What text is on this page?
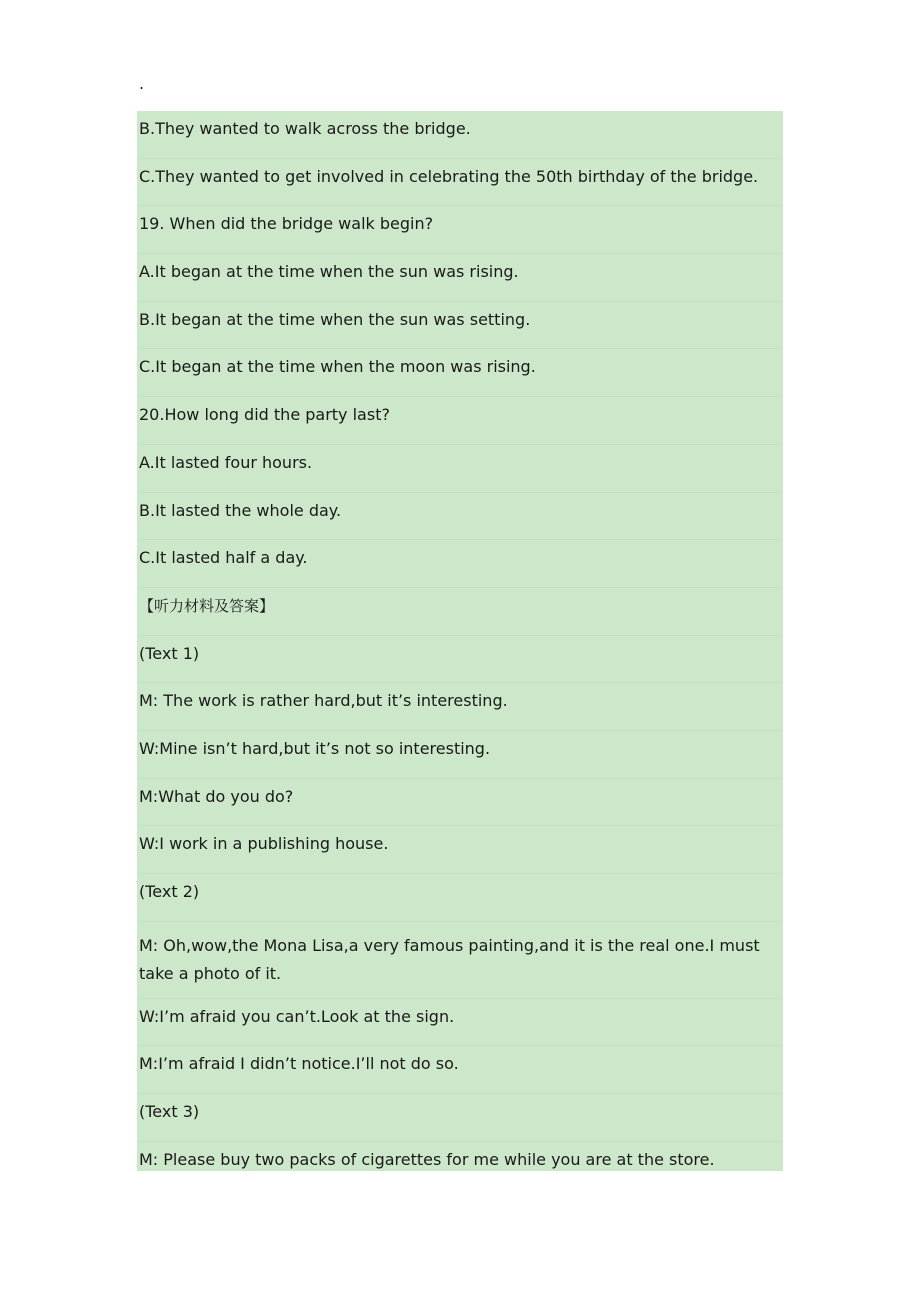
.
B.They wanted to walk across the bridge.
C.They wanted to get involved in celebrating the 50th birthday of the bridge.
19. When did the bridge walk begin?
A.It began at the time when the sun was rising.
B.It began at the time when the sun was setting.
C.It began at the time when the moon was rising.
20.How long did the party last?
A.It lasted four hours.
B.It lasted the whole day.
C.It lasted half a day.
【听力材料及答案】
(Text 1)
M: The work is rather hard,but it’s interesting.
W:Mine isn’t hard,but it’s not so interesting.
M:What do you do?
W:I work in a publishing house.
(Text 2)
M: Oh,wow,the Mona Lisa,a very famous painting,and it is the real one.I must take a photo of it.
W:I’m afraid you can’t.Look at the sign.
M:I’m afraid I didn’t notice.I’ll not do so.
(Text 3)
M: Please buy two packs of cigarettes for me while you are at the store.
